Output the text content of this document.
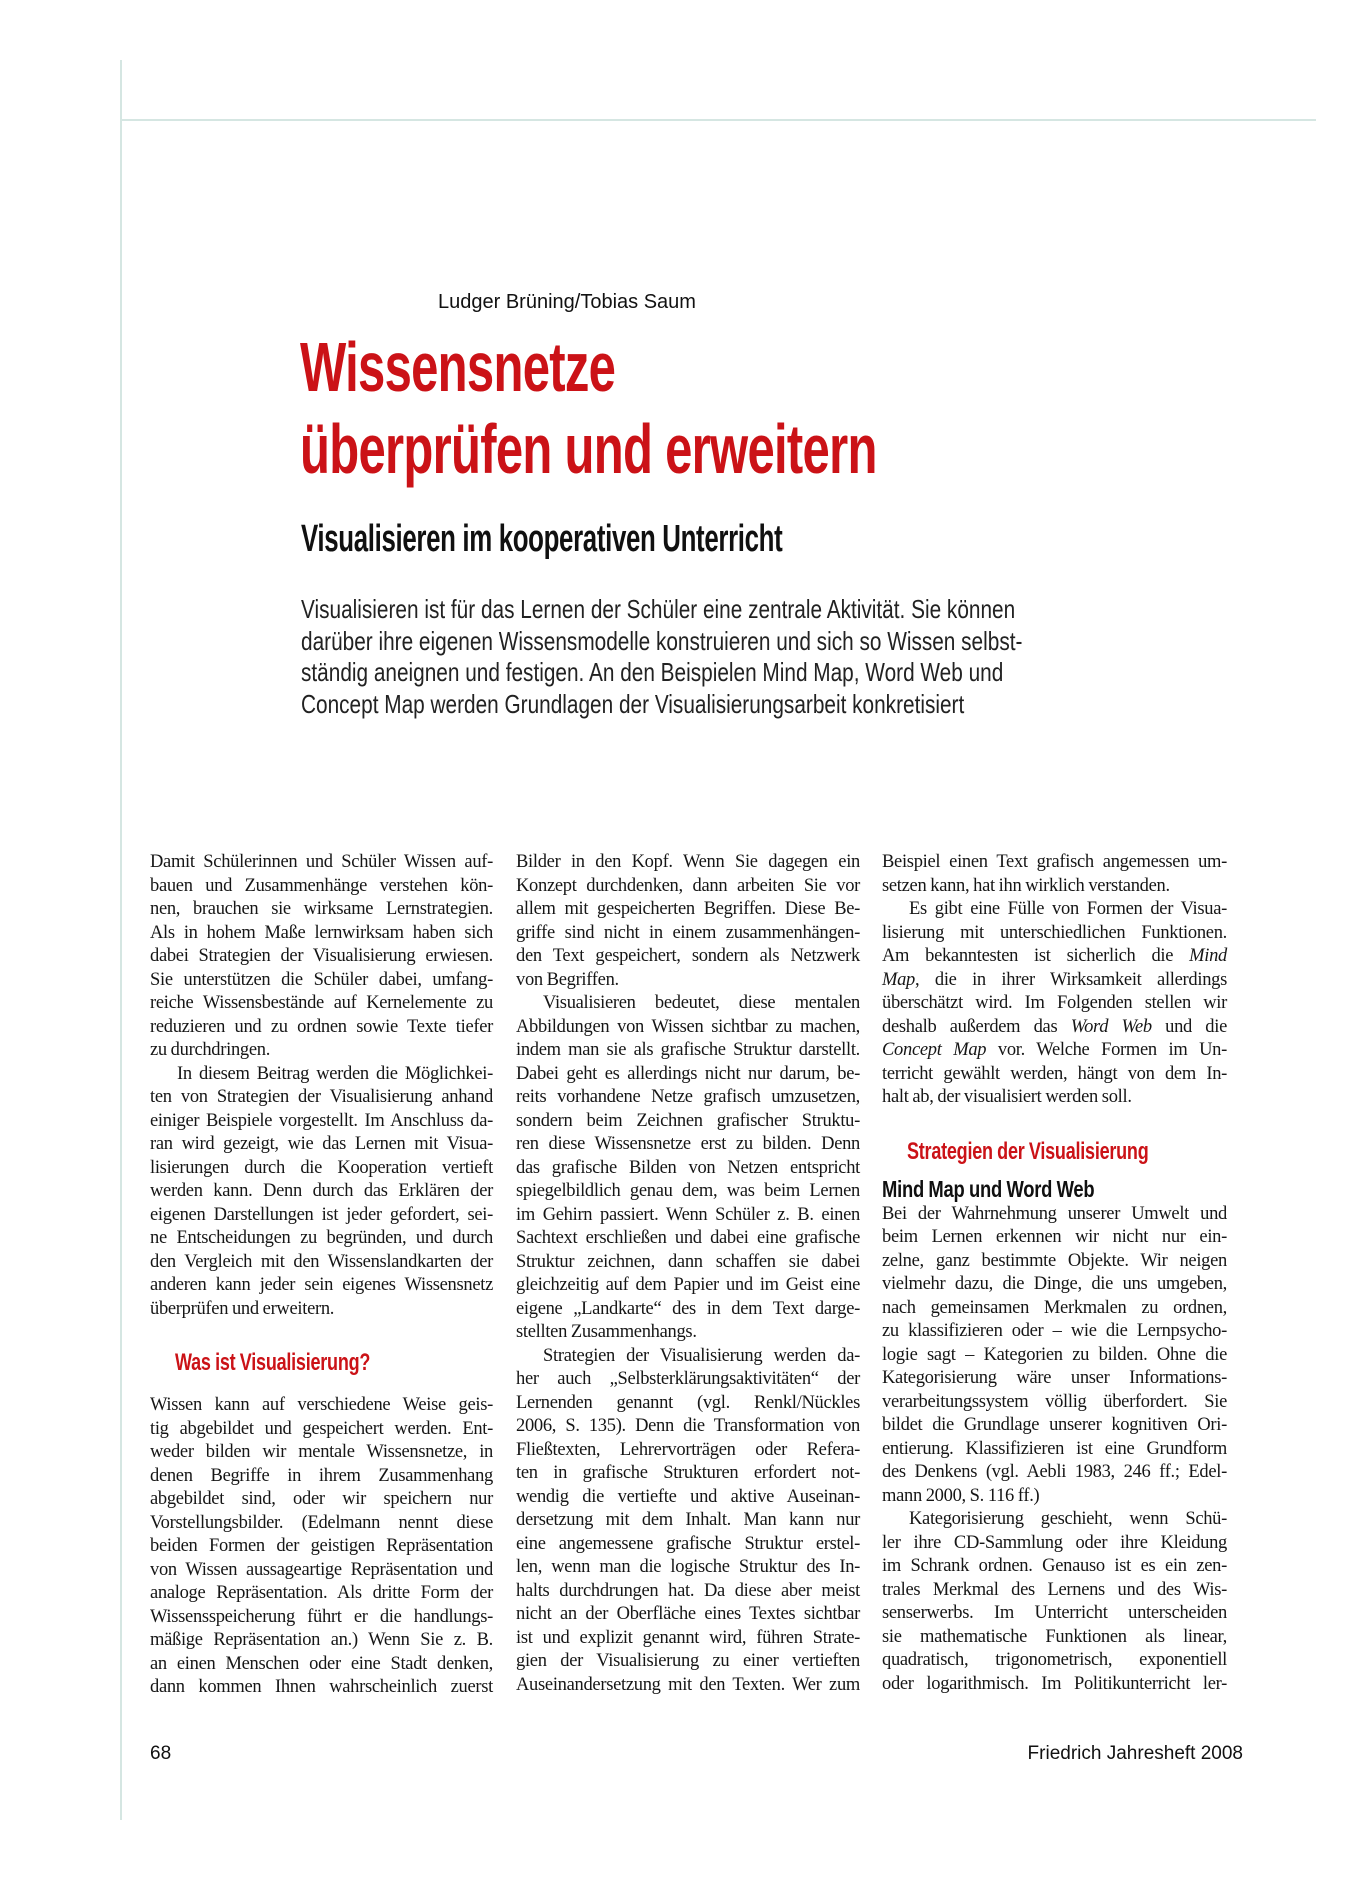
Ludger Brüning/Tobias Saum
Wissensnetze
überprüfen und erweitern
Visualisieren im kooperativen Unterricht
Visualisieren ist für das Lernen der Schüler eine zentrale Aktivität. Sie können
darüber ihre eigenen Wissensmodelle konstruieren und sich so Wissen selbst-
ständig aneignen und festigen. An den Beispielen Mind Map, Word Web und
Concept Map werden Grundlagen der Visualisierungsarbeit konkretisiert
Damit Schülerinnen und Schüler Wissen auf-
bauen und Zusammenhänge verstehen kön-
nen, brauchen sie wirksame Lernstrategien.
Als in hohem Maße lernwirksam haben sich
dabei Strategien der Visualisierung erwiesen.
Sie unterstützen die Schüler dabei, umfang-
reiche Wissensbestände auf Kernelemente zu
reduzieren und zu ordnen sowie Texte tiefer
zu durchdringen.
In diesem Beitrag werden die Möglichkei-
ten von Strategien der Visualisierung anhand
einiger Beispiele vorgestellt. Im Anschluss da-
ran wird gezeigt, wie das Lernen mit Visua-
lisierungen durch die Kooperation vertieft
werden kann. Denn durch das Erklären der
eigenen Darstellungen ist jeder gefordert, sei-
ne Entscheidungen zu begründen, und durch
den Vergleich mit den Wissenslandkarten der
anderen kann jeder sein eigenes Wissensnetz
überprüfen und erweitern.
Was ist Visualisierung?
Wissen kann auf verschiedene Weise geis-
tig abgebildet und gespeichert werden. Ent-
weder bilden wir mentale Wissensnetze, in
denen Begriffe in ihrem Zusammenhang
abgebildet sind, oder wir speichern nur
Vorstellungsbilder. (Edelmann nennt diese
beiden Formen der geistigen Repräsentation
von Wissen aussageartige Repräsentation und
analoge Repräsentation. Als dritte Form der
Wissensspeicherung führt er die handlungs-
mäßige Repräsentation an.) Wenn Sie z. B.
an einen Menschen oder eine Stadt denken,
dann kommen Ihnen wahrscheinlich zuerst
Bilder in den Kopf. Wenn Sie dagegen ein
Konzept durchdenken, dann arbeiten Sie vor
allem mit gespeicherten Begriffen. Diese Be-
griffe sind nicht in einem zusammenhängen-
den Text gespeichert, sondern als Netzwerk
von Begriffen.
Visualisieren bedeutet, diese mentalen
Abbildungen von Wissen sichtbar zu machen,
indem man sie als grafische Struktur darstellt.
Dabei geht es allerdings nicht nur darum, be-
reits vorhandene Netze grafisch umzusetzen,
sondern beim Zeichnen grafischer Struktu-
ren diese Wissensnetze erst zu bilden. Denn
das grafische Bilden von Netzen entspricht
spiegelbildlich genau dem, was beim Lernen
im Gehirn passiert. Wenn Schüler z. B. einen
Sachtext erschließen und dabei eine grafische
Struktur zeichnen, dann schaffen sie dabei
gleichzeitig auf dem Papier und im Geist eine
eigene „Landkarte“ des in dem Text darge-
stellten Zusammenhangs.
Strategien der Visualisierung werden da-
her auch „Selbsterklärungsaktivitäten“ der
Lernenden genannt (vgl. Renkl/Nückles
2006, S. 135). Denn die Transformation von
Fließtexten, Lehrervorträgen oder Refera-
ten in grafische Strukturen erfordert not-
wendig die vertiefte und aktive Auseinan-
dersetzung mit dem Inhalt. Man kann nur
eine angemessene grafische Struktur erstel-
len, wenn man die logische Struktur des In-
halts durchdrungen hat. Da diese aber meist
nicht an der Oberfläche eines Textes sichtbar
ist und explizit genannt wird, führen Strate-
gien der Visualisierung zu einer vertieften
Auseinandersetzung mit den Texten. Wer zum
Beispiel einen Text grafisch angemessen um-
setzen kann, hat ihn wirklich verstanden.
Es gibt eine Fülle von Formen der Visua-
lisierung mit unterschiedlichen Funktionen.
Am bekanntesten ist sicherlich die Mind
Map, die in ihrer Wirksamkeit allerdings
überschätzt wird. Im Folgenden stellen wir
deshalb außerdem das Word Web und die
Concept Map vor. Welche Formen im Un-
terricht gewählt werden, hängt von dem In-
halt ab, der visualisiert werden soll.
Strategien der Visualisierung
Mind Map und Word Web
Bei der Wahrnehmung unserer Umwelt und
beim Lernen erkennen wir nicht nur ein-
zelne, ganz bestimmte Objekte. Wir neigen
vielmehr dazu, die Dinge, die uns umgeben,
nach gemeinsamen Merkmalen zu ordnen,
zu klassifizieren oder – wie die Lernpsycho-
logie sagt – Kategorien zu bilden. Ohne die
Kategorisierung wäre unser Informations-
verarbeitungssystem völlig überfordert. Sie
bildet die Grundlage unserer kognitiven Ori-
entierung. Klassifizieren ist eine Grundform
des Denkens (vgl. Aebli 1983, 246 ff.; Edel-
mann 2000, S. 116 ff.)
Kategorisierung geschieht, wenn Schü-
ler ihre CD-Sammlung oder ihre Kleidung
im Schrank ordnen. Genauso ist es ein zen-
trales Merkmal des Lernens und des Wis-
senserwerbs. Im Unterricht unterscheiden
sie mathematische Funktionen als linear,
quadratisch, trigonometrisch, exponentiell
oder logarithmisch. Im Politikunterricht ler-
68	Friedrich Jahresheft 2008
